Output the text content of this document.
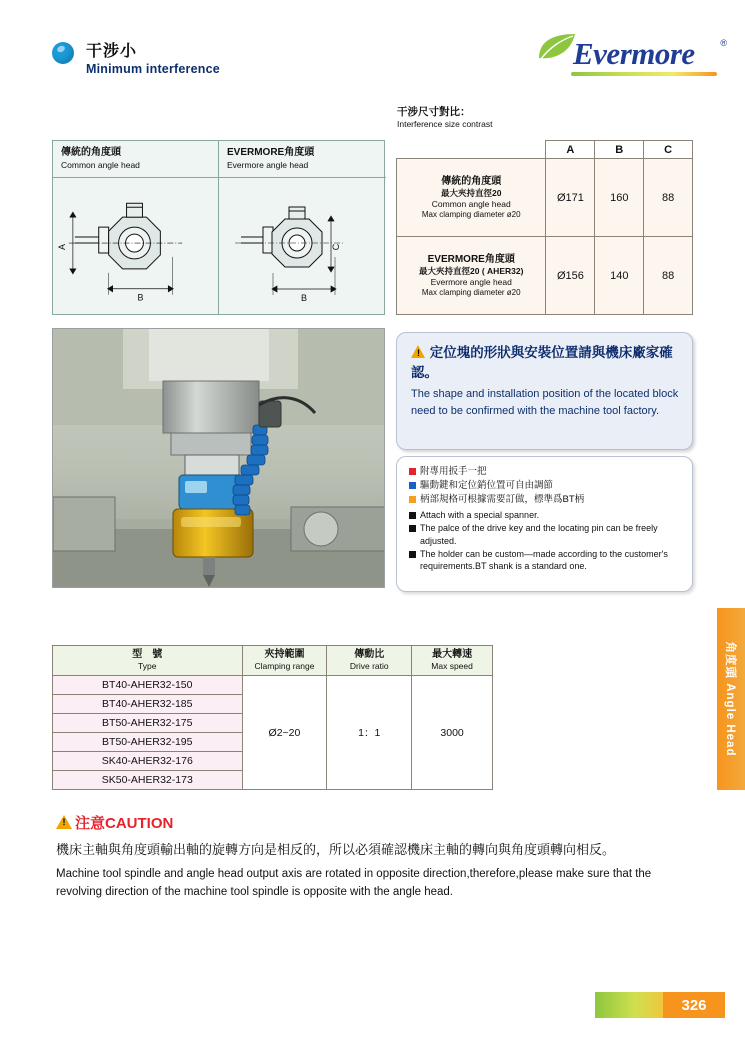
干涉小
Minimum interference	Evermore	®
傳統的角度頭
Common angle head
A
B
EVERMORE角度頭
Evermore angle head
C
B
干涉尺寸對比：
Interference size contrast
	A	B	C

傳統的角度頭
最大夾持直徑20
Common angle head
Max clamping diameter ø20	Ø171	160	88

EVERMORE角度頭
最大夾持直徑20 ( AHER32)
Evermore angle head
Max clamping diameter ø20	Ø156	140	88
! 定位塊的形狀與安裝位置請與機床廠家確認。
The shape and installation position of the located block need to be confirmed with the machine tool factory.
附專用扳手一把
驅動鍵和定位銷位置可自由調節
柄部規格可根據需要訂做，標準爲BT柄
Attach with a special spanner.
The palce of the drive key and the locating pin can be freely adjusted.
The holder can be custom—made according to the customer's requirements.BT shank is a standard one.
型　號
Type	夾持範圍
Clamping range	傳動比
Drive ratio	最大轉速
Max speed

BT40-AHER32-150	Ø2~20	1：1	3000
BT40-AHER32-185			
BT50-AHER32-175			
BT50-AHER32-195			
SK40-AHER32-176			
SK50-AHER32-173			
!注意CAUTION
機床主軸與角度頭輸出軸的旋轉方向是相反的，所以必須確認機床主軸的轉向與角度頭轉向相反。
Machine tool spindle and angle head output axis are rotated in opposite direction,therefore,please make sure that the revolving direction of the machine tool spindle is opposite with the angle head.
角度頭 Angle Head
326
